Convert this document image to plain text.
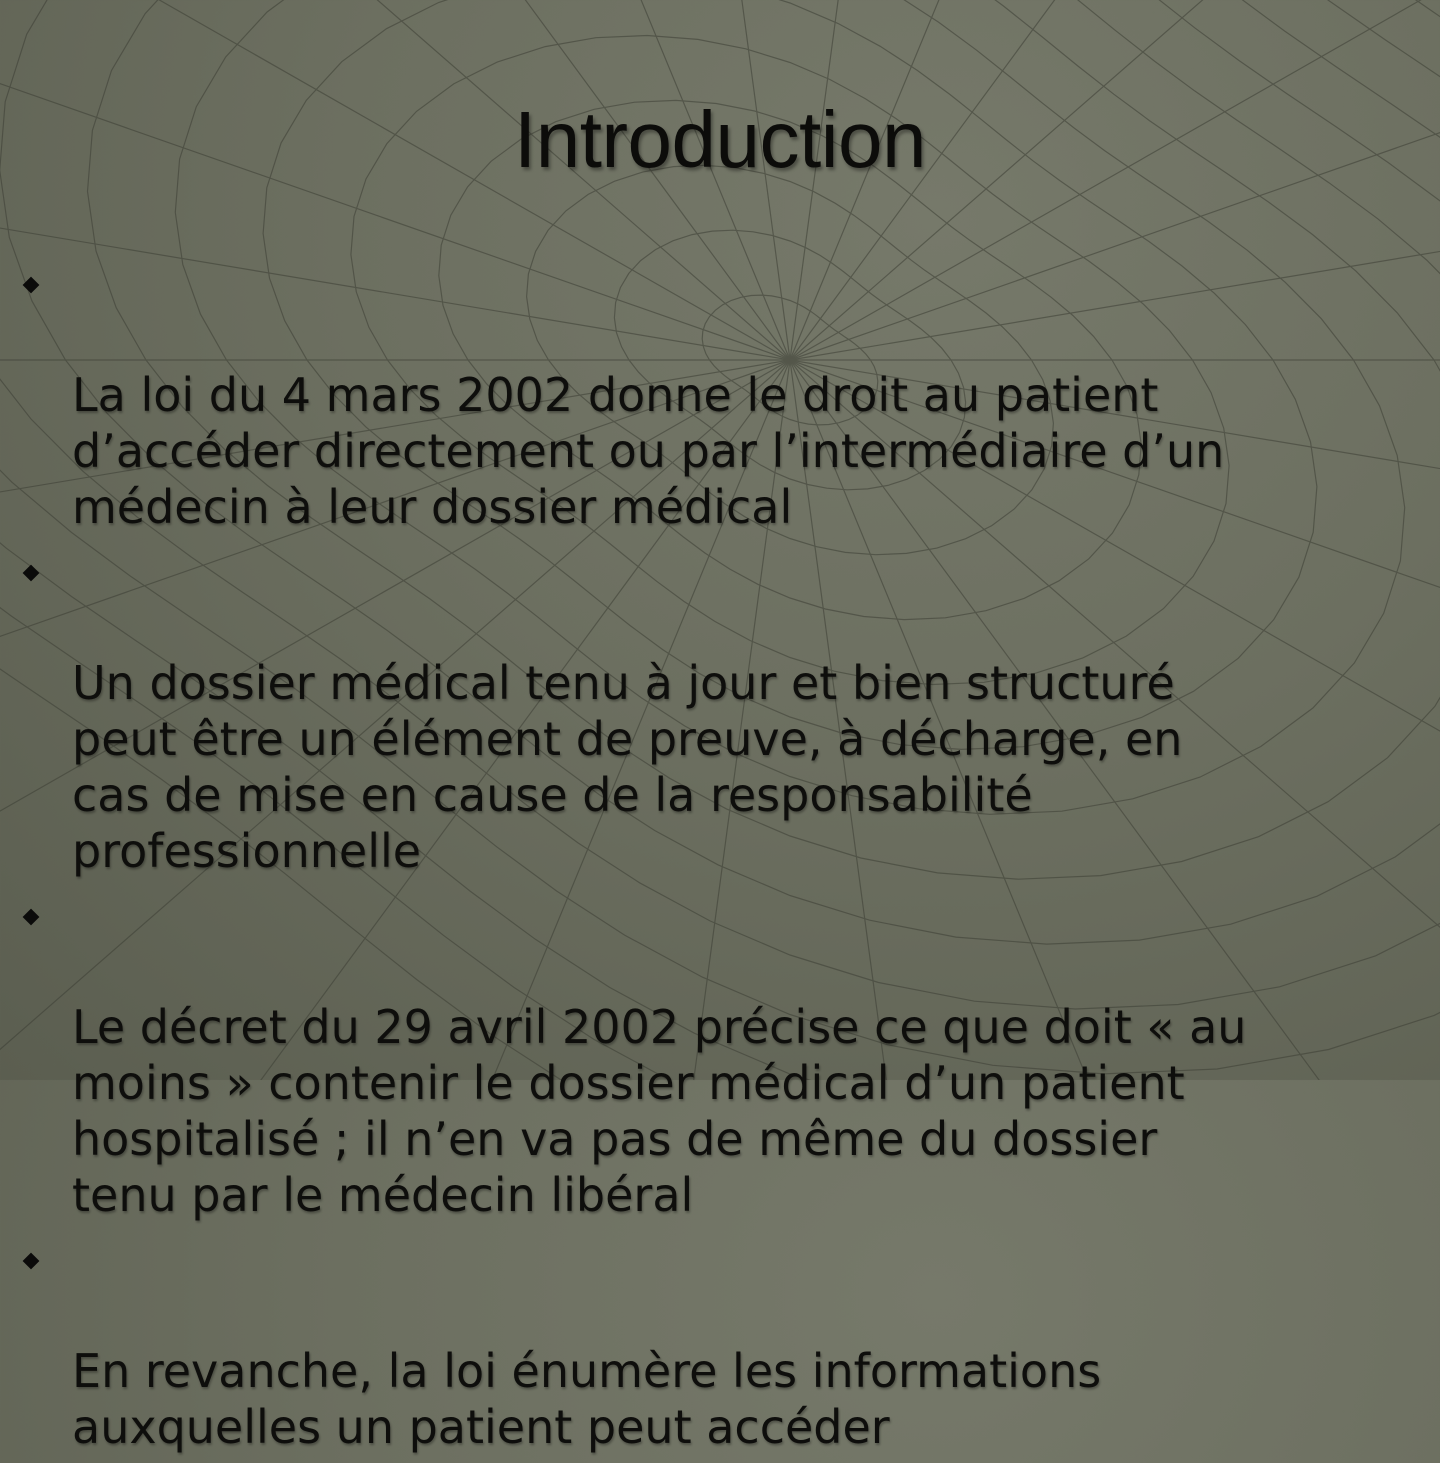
Introduction

La loi du 4 mars 2002 donne le droit au patient
d’accéder directement ou par l’intermédiaire d’un
médecin à leur dossier médical

Un dossier médical tenu à jour et bien structuré
peut être un élément de preuve, à décharge, en
cas de mise en cause de la responsabilité
professionnelle

Le décret du 29 avril 2002 précise ce que doit « au
moins » contenir le dossier médical d’un patient
hospitalisé ; il n’en va pas de même du dossier
tenu par le médecin libéral

En revanche, la loi énumère les informations
auxquelles un patient peut accéder
